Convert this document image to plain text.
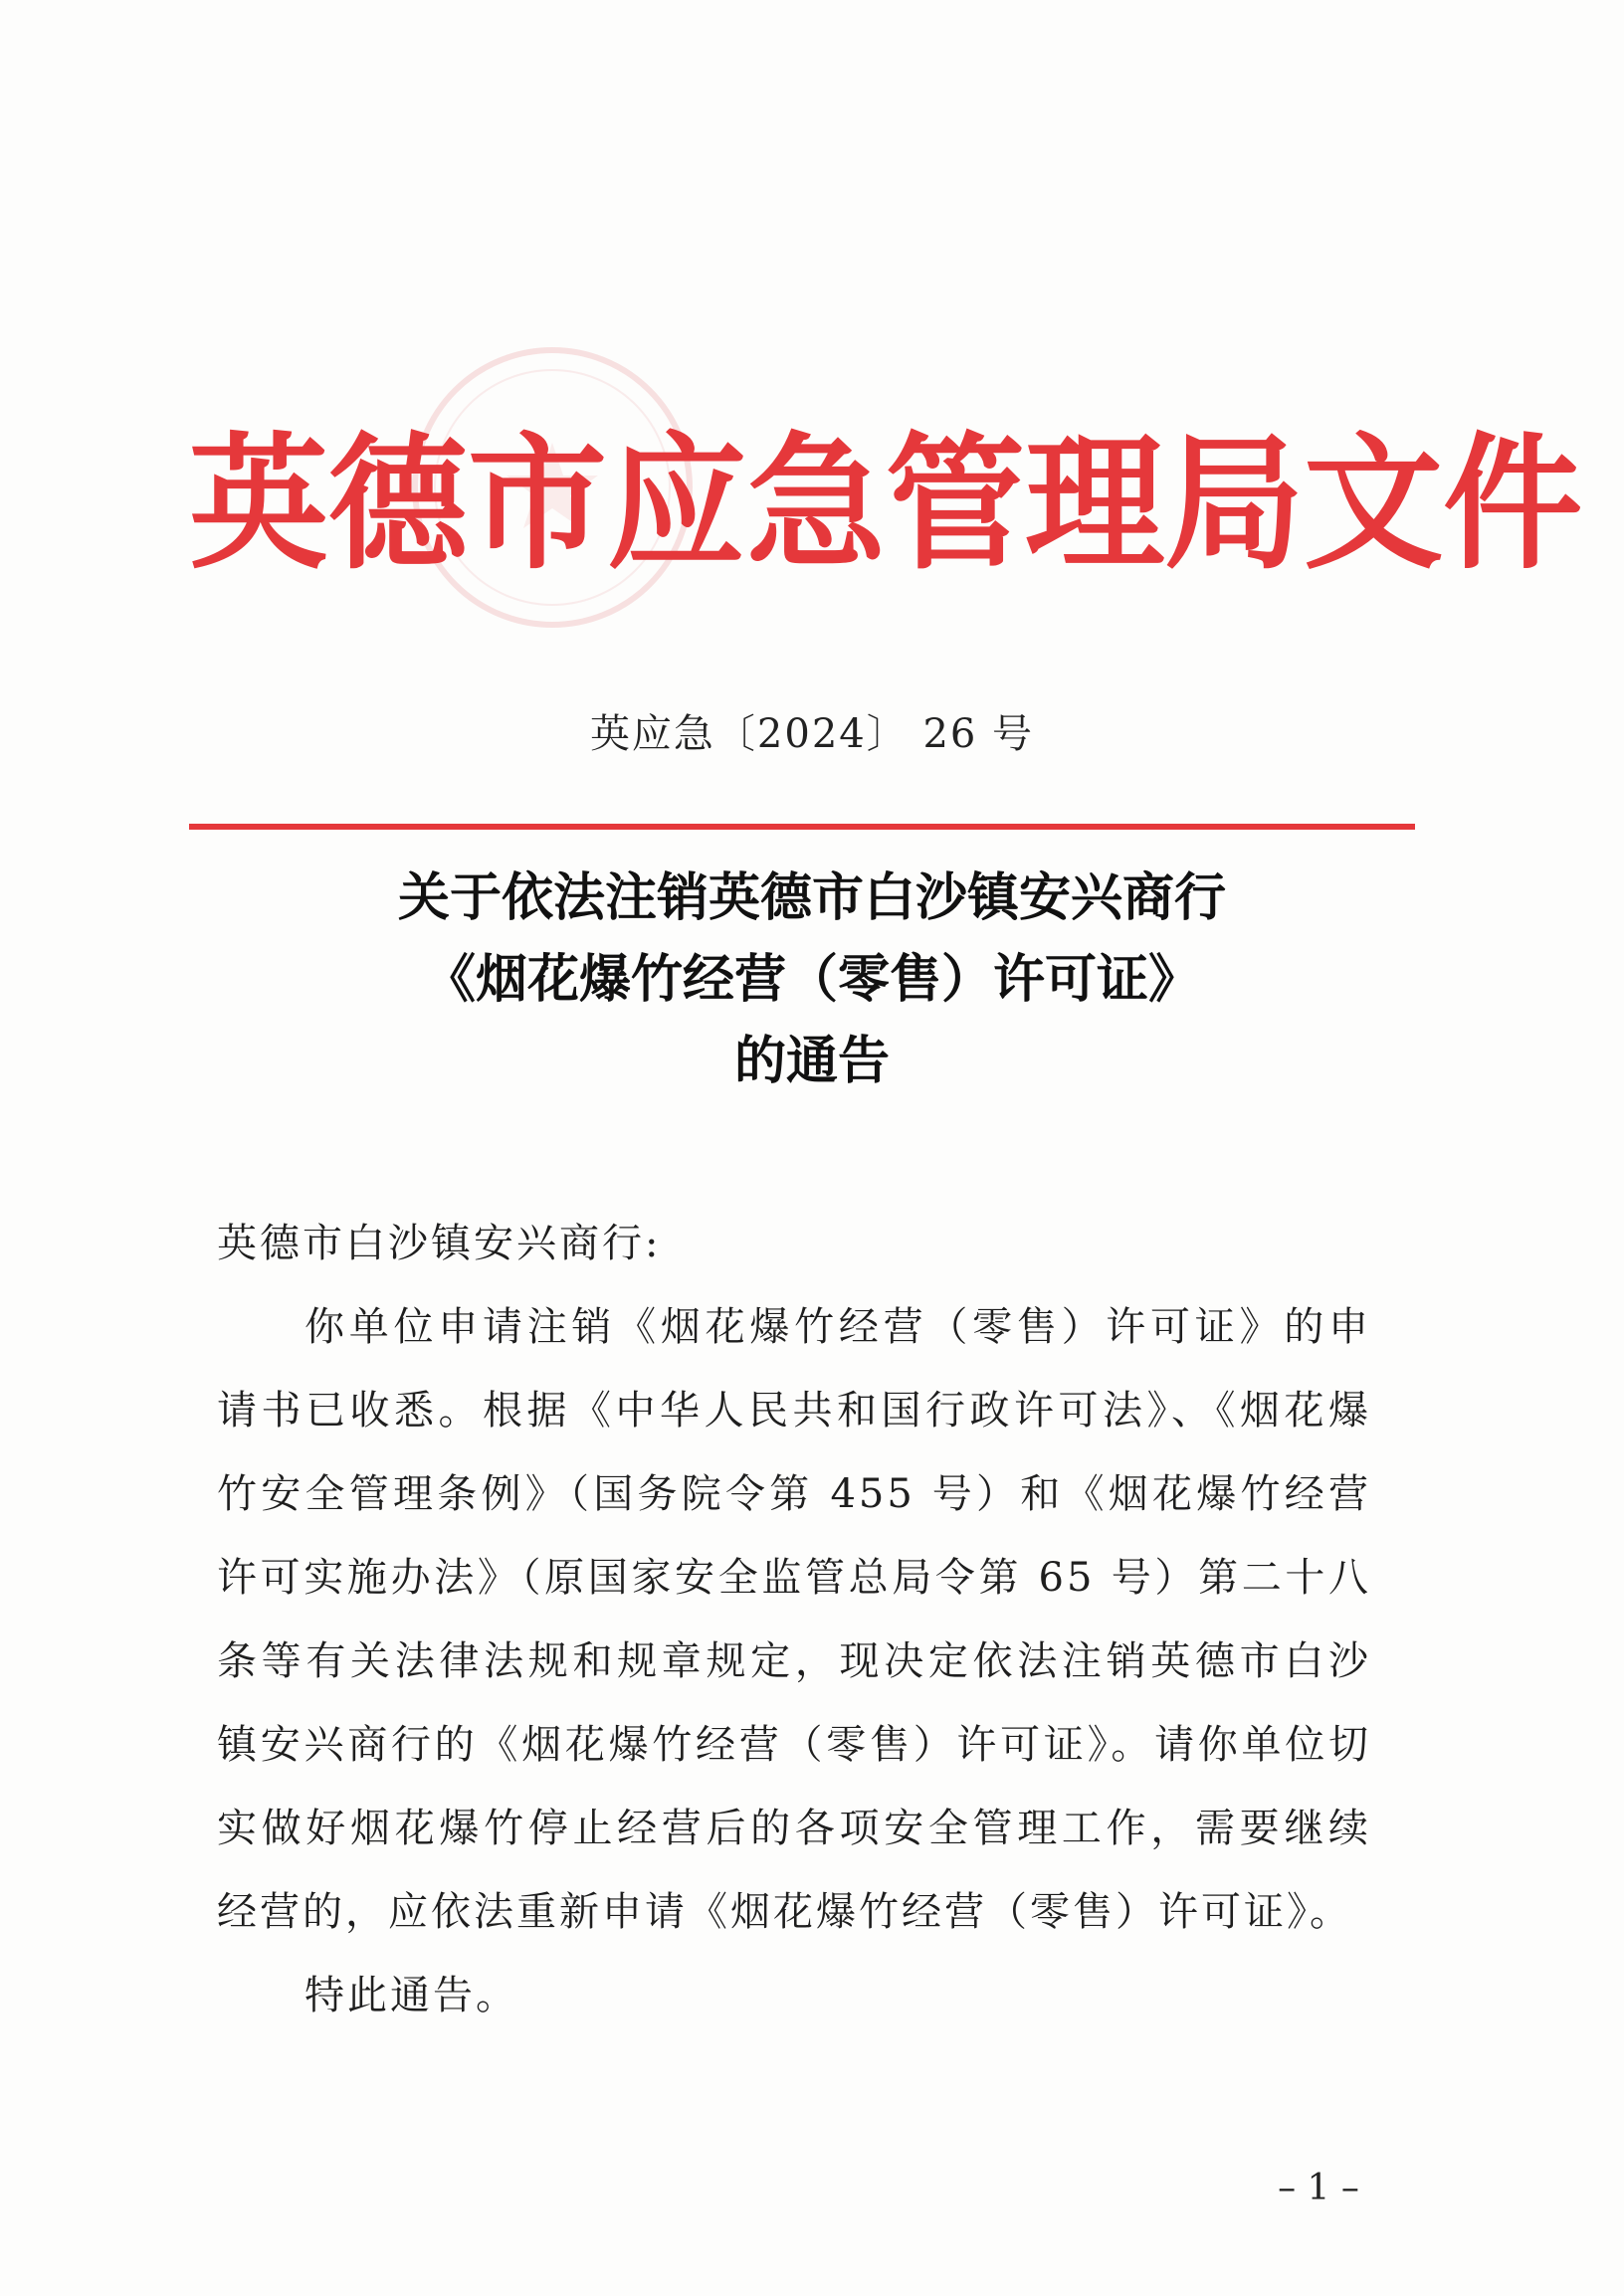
英 德 市 应 急 管 理 局 文 件
英应急〔2024〕 26 号
关于依法注销英德市白沙镇安兴商行
《烟花爆竹经营（零售）许可证》
的通告

英德市白沙镇安兴商行:

你单位申请注销《烟花爆竹经营（零售）许可证》的申请书已收悉。根据《中华人民共和国行政许可法》、《烟花爆竹安全管理条例》（国务院令第 455 号）和《烟花爆竹经营许可实施办法》（原国家安全监管总局令第 65 号）第二十八条等有关法律法规和规章规定，现决定依法注销英德市白沙镇安兴商行的《烟花爆竹经营（零售）许可证》。请你单位切实做好烟花爆竹停止经营后的各项安全管理工作，需要继续经营的，应依法重新申请《烟花爆竹经营（零售）许可证》。

特此通告。

– 1 –
